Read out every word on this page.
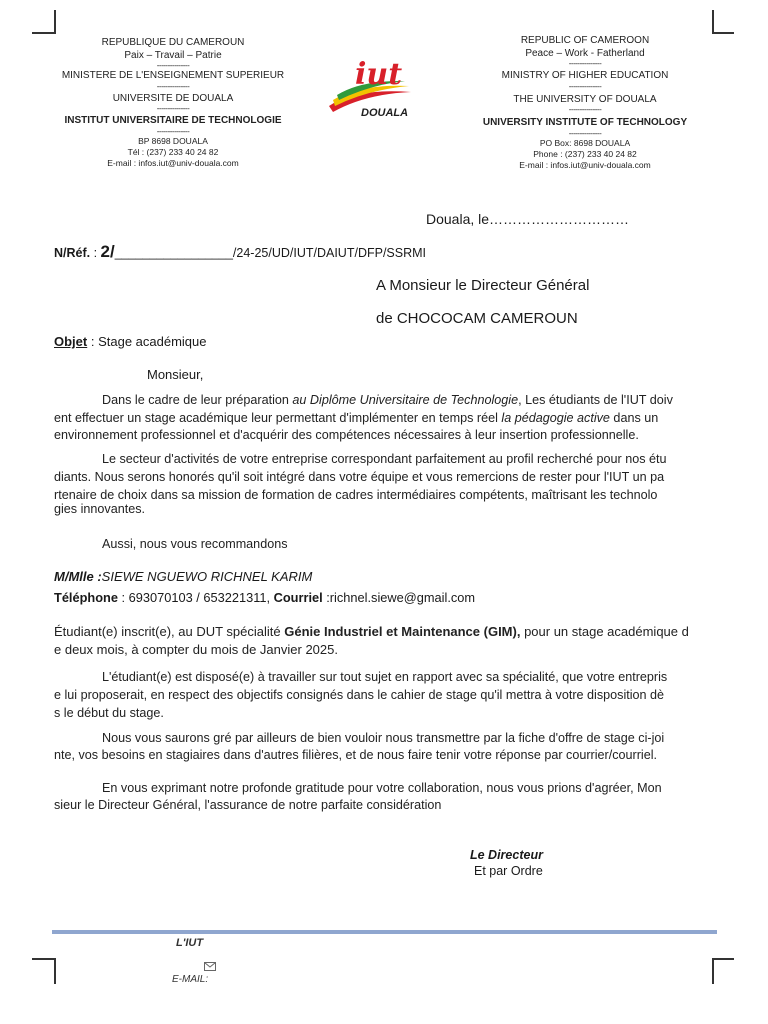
REPUBLIQUE DU CAMEROUN
Paix – Travail – Patrie
---------------
MINISTERE DE L'ENSEIGNEMENT SUPERIEUR
---------------
UNIVERSITE DE DOUALA
---------------
INSTITUT UNIVERSITAIRE DE TECHNOLOGIE
---------------
BP 8698 DOUALA
Tél : (237) 233 40 24 82
E-mail : infos.iut@univ-douala.com
iut
DOUALA
REPUBLIC OF CAMEROON
Peace – Work - Fatherland
---------------
MINISTRY OF HIGHER EDUCATION
---------------
THE UNIVERSITY OF DOUALA
---------------
UNIVERSITY INSTITUTE OF TECHNOLOGY
---------------
PO Box: 8698 DOUALA
Phone : (237) 233 40 24 82
E-mail : infos.iut@univ-douala.com
Douala, le…………………………
N/Réf. : 2/_________________/24-25/UD/IUT/DAIUT/DFP/SSRMI
A Monsieur le Directeur Général
de CHOCOCAM CAMEROUN
Objet : Stage académique
Monsieur,
Dans le cadre de leur préparation au Diplôme Universitaire de Technologie, Les étudiants de l'IUT doiv
ent effectuer un stage académique leur permettant d'implémenter en temps réel la pédagogie active dans un
environnement professionnel et d'acquérir des compétences nécessaires à leur insertion professionnelle.
Le secteur d'activités de votre entreprise correspondant parfaitement au profil recherché pour nos étu
diants. Nous serons honorés qu'il soit intégré dans votre équipe et vous remercions de rester pour l'IUT un pa
rtenaire de choix dans sa mission de formation de cadres intermédiaires compétents, maîtrisant les technolo
gies innovantes.
Aussi, nous vous recommandons
M/Mlle :SIEWE NGUEWO RICHNEL KARIM
Téléphone : 693070103 / 653221311, Courriel :richnel.siewe@gmail.com
Étudiant(e) inscrit(e), au DUT spécialité Génie Industriel et Maintenance (GIM), pour un stage académique d
e deux mois, à compter du mois de Janvier 2025.
L'étudiant(e) est disposé(e) à travailler sur tout sujet en rapport avec sa spécialité, que votre entrepris
e lui proposerait, en respect des objectifs consignés dans le cahier de stage qu'il mettra à votre disposition dè
s le début du stage.
Nous vous saurons gré par ailleurs de bien vouloir nous transmettre par la fiche d'offre de stage ci-joi
nte, vos besoins en stagiaires dans d'autres filières, et de nous faire tenir votre réponse par courrier/courriel.
En vous exprimant notre profonde gratitude pour votre collaboration, nous vous prions d'agréer, Mon
sieur le Directeur Général, l'assurance de notre parfaite considération
Le Directeur
Et par Ordre
L'IUT
E-MAIL:
